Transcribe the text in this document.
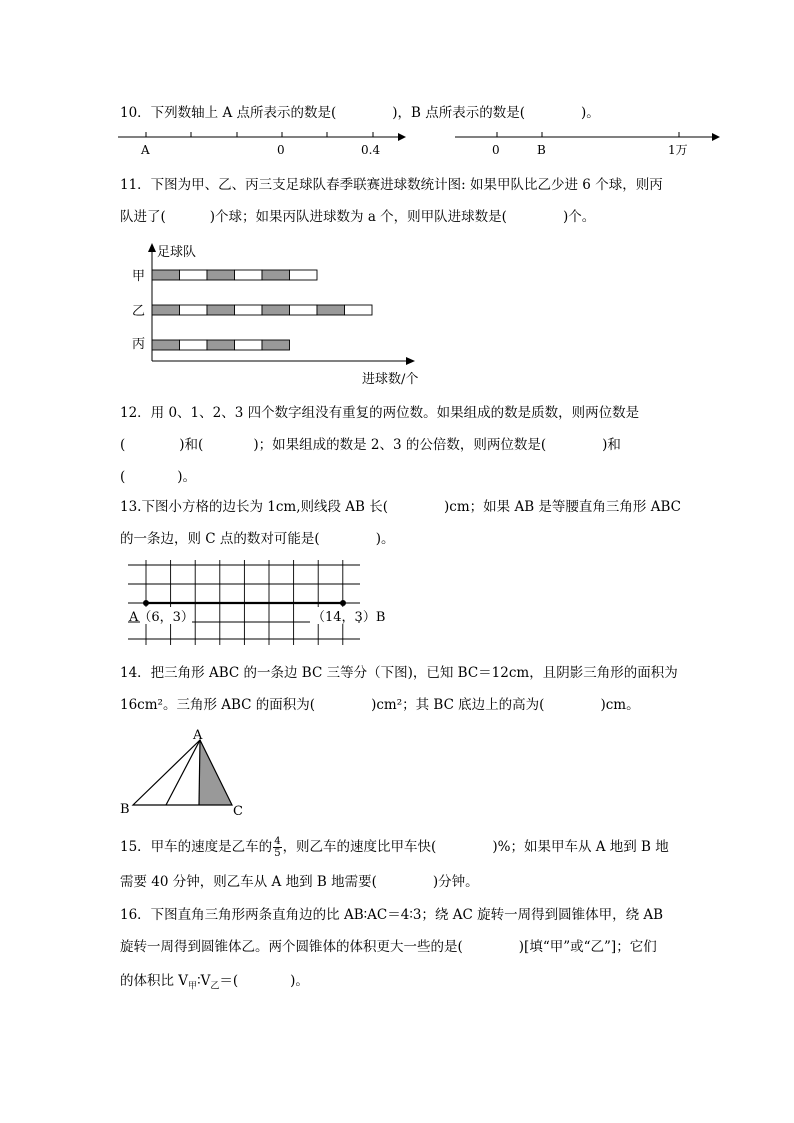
10．下列数轴上 A 点所表示的数是(	)，B 点所表示的数是(	)。
A	0	0.4	0	B	1万
足球队
进球数/个
甲
乙
丙
A（6，3）	（14，3）B
A
B	C
11．下图为甲、乙、丙三支足球队春季联赛进球数统计图: 如果甲队比乙少进 6 个球，则丙
队进了(	)个球；如果丙队进球数为 a 个，则甲队进球数是(	)个。
12．用 0、1、2、3 四个数字组没有重复的两位数。如果组成的数是质数，则两位数是
(	)和(	)；如果组成的数是 2、3 的公倍数，则两位数是(	)和
(	)。
13.下图小方格的边长为 1cm,则线段 AB 长(	)cm；如果 AB 是等腰直角三角形 ABC
的一条边，则 C 点的数对可能是(	)。
14．把三角形 ABC 的一条边 BC 三等分（下图)，已知 BC＝12cm，且阴影三角形的面积为
16cm²。三角形 ABC 的面积为(	)cm²；其 BC 底边上的高为(	)cm。
15．甲车的速度是乙车的 $\frac{4}{5}$ ，则乙车的速度比甲车快(	)%；如果甲车从 A 地到 B 地
需要 40 分钟，则乙车从 A 地到 B 地需要(	)分钟。
16．下图直角三角形两条直角边的比 AB∶AC＝4∶3；绕 AC 旋转一周得到圆锥体甲，绕 AB
旋转一周得到圆锥体乙。两个圆锥体的体积更大一些的是(	)[填“甲”或“乙”]；它们
的体积比 $V_甲∶V_乙=$(	)。
